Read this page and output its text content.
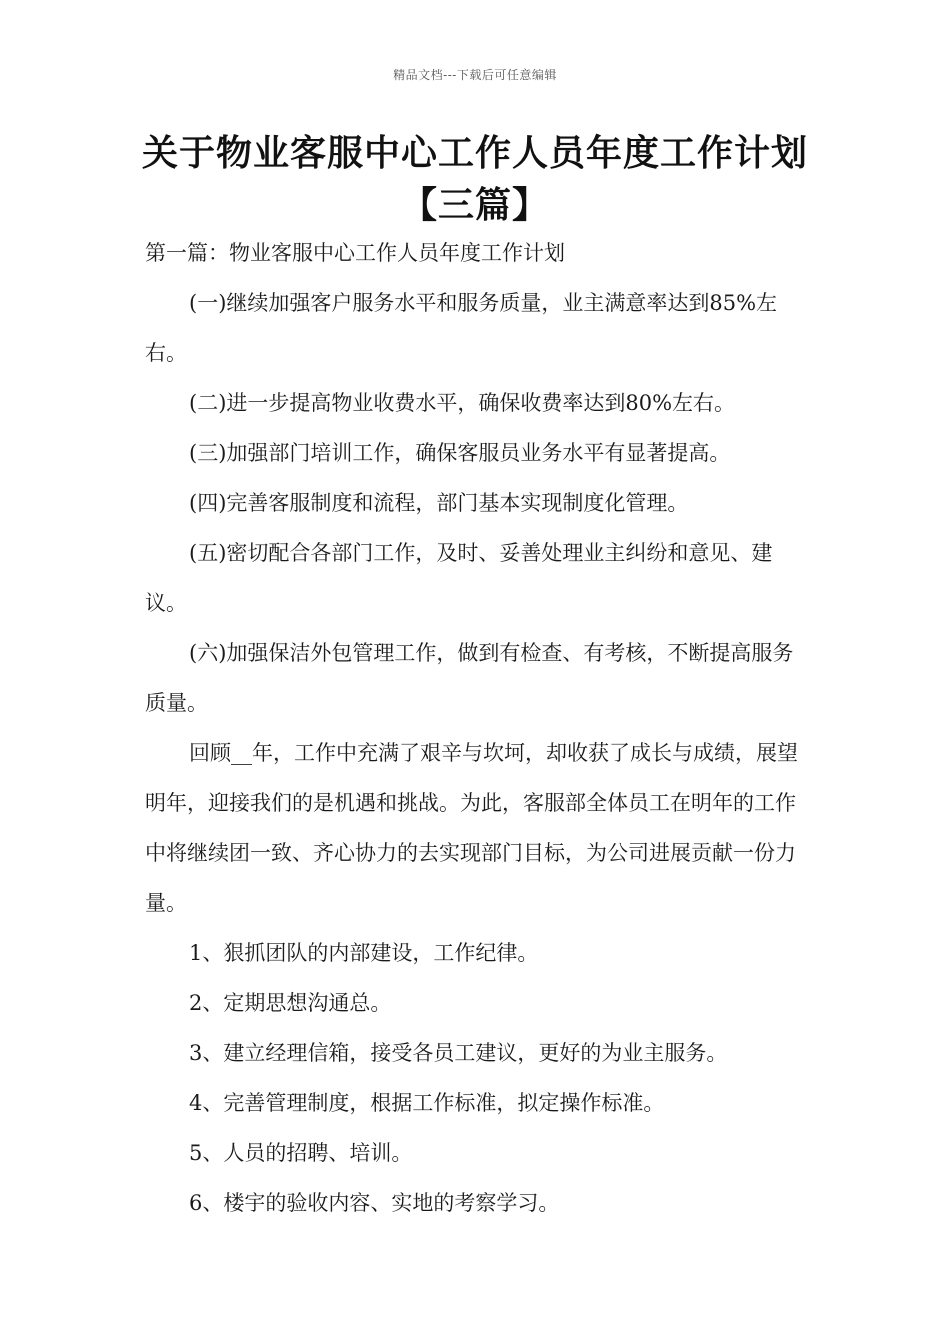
精品文档---下载后可任意编辑
关于物业客服中心工作人员年度工作计划【三篇】

第一篇：物业客服中心工作人员年度工作计划

(一)继续加强客户服务水平和服务质量，业主满意率达到85%左右。

(二)进一步提高物业收费水平，确保收费率达到80%左右。

(三)加强部门培训工作，确保客服员业务水平有显著提高。

(四)完善客服制度和流程，部门基本实现制度化管理。

(五)密切配合各部门工作，及时、妥善处理业主纠纷和意见、建议。

(六)加强保洁外包管理工作，做到有检查、有考核，不断提高服务质量。

回顾__年，工作中充满了艰辛与坎坷，却收获了成长与成绩，展望明年，迎接我们的是机遇和挑战。为此，客服部全体员工在明年的工作中将继续团一致、齐心协力的去实现部门目标，为公司进展贡献一份力量。

1、狠抓团队的内部建设，工作纪律。

2、定期思想沟通总。

3、建立经理信箱，接受各员工建议，更好的为业主服务。

4、完善管理制度，根据工作标准，拟定操作标准。

5、人员的招聘、培训。

6、楼宇的验收内容、实地的考察学习。
